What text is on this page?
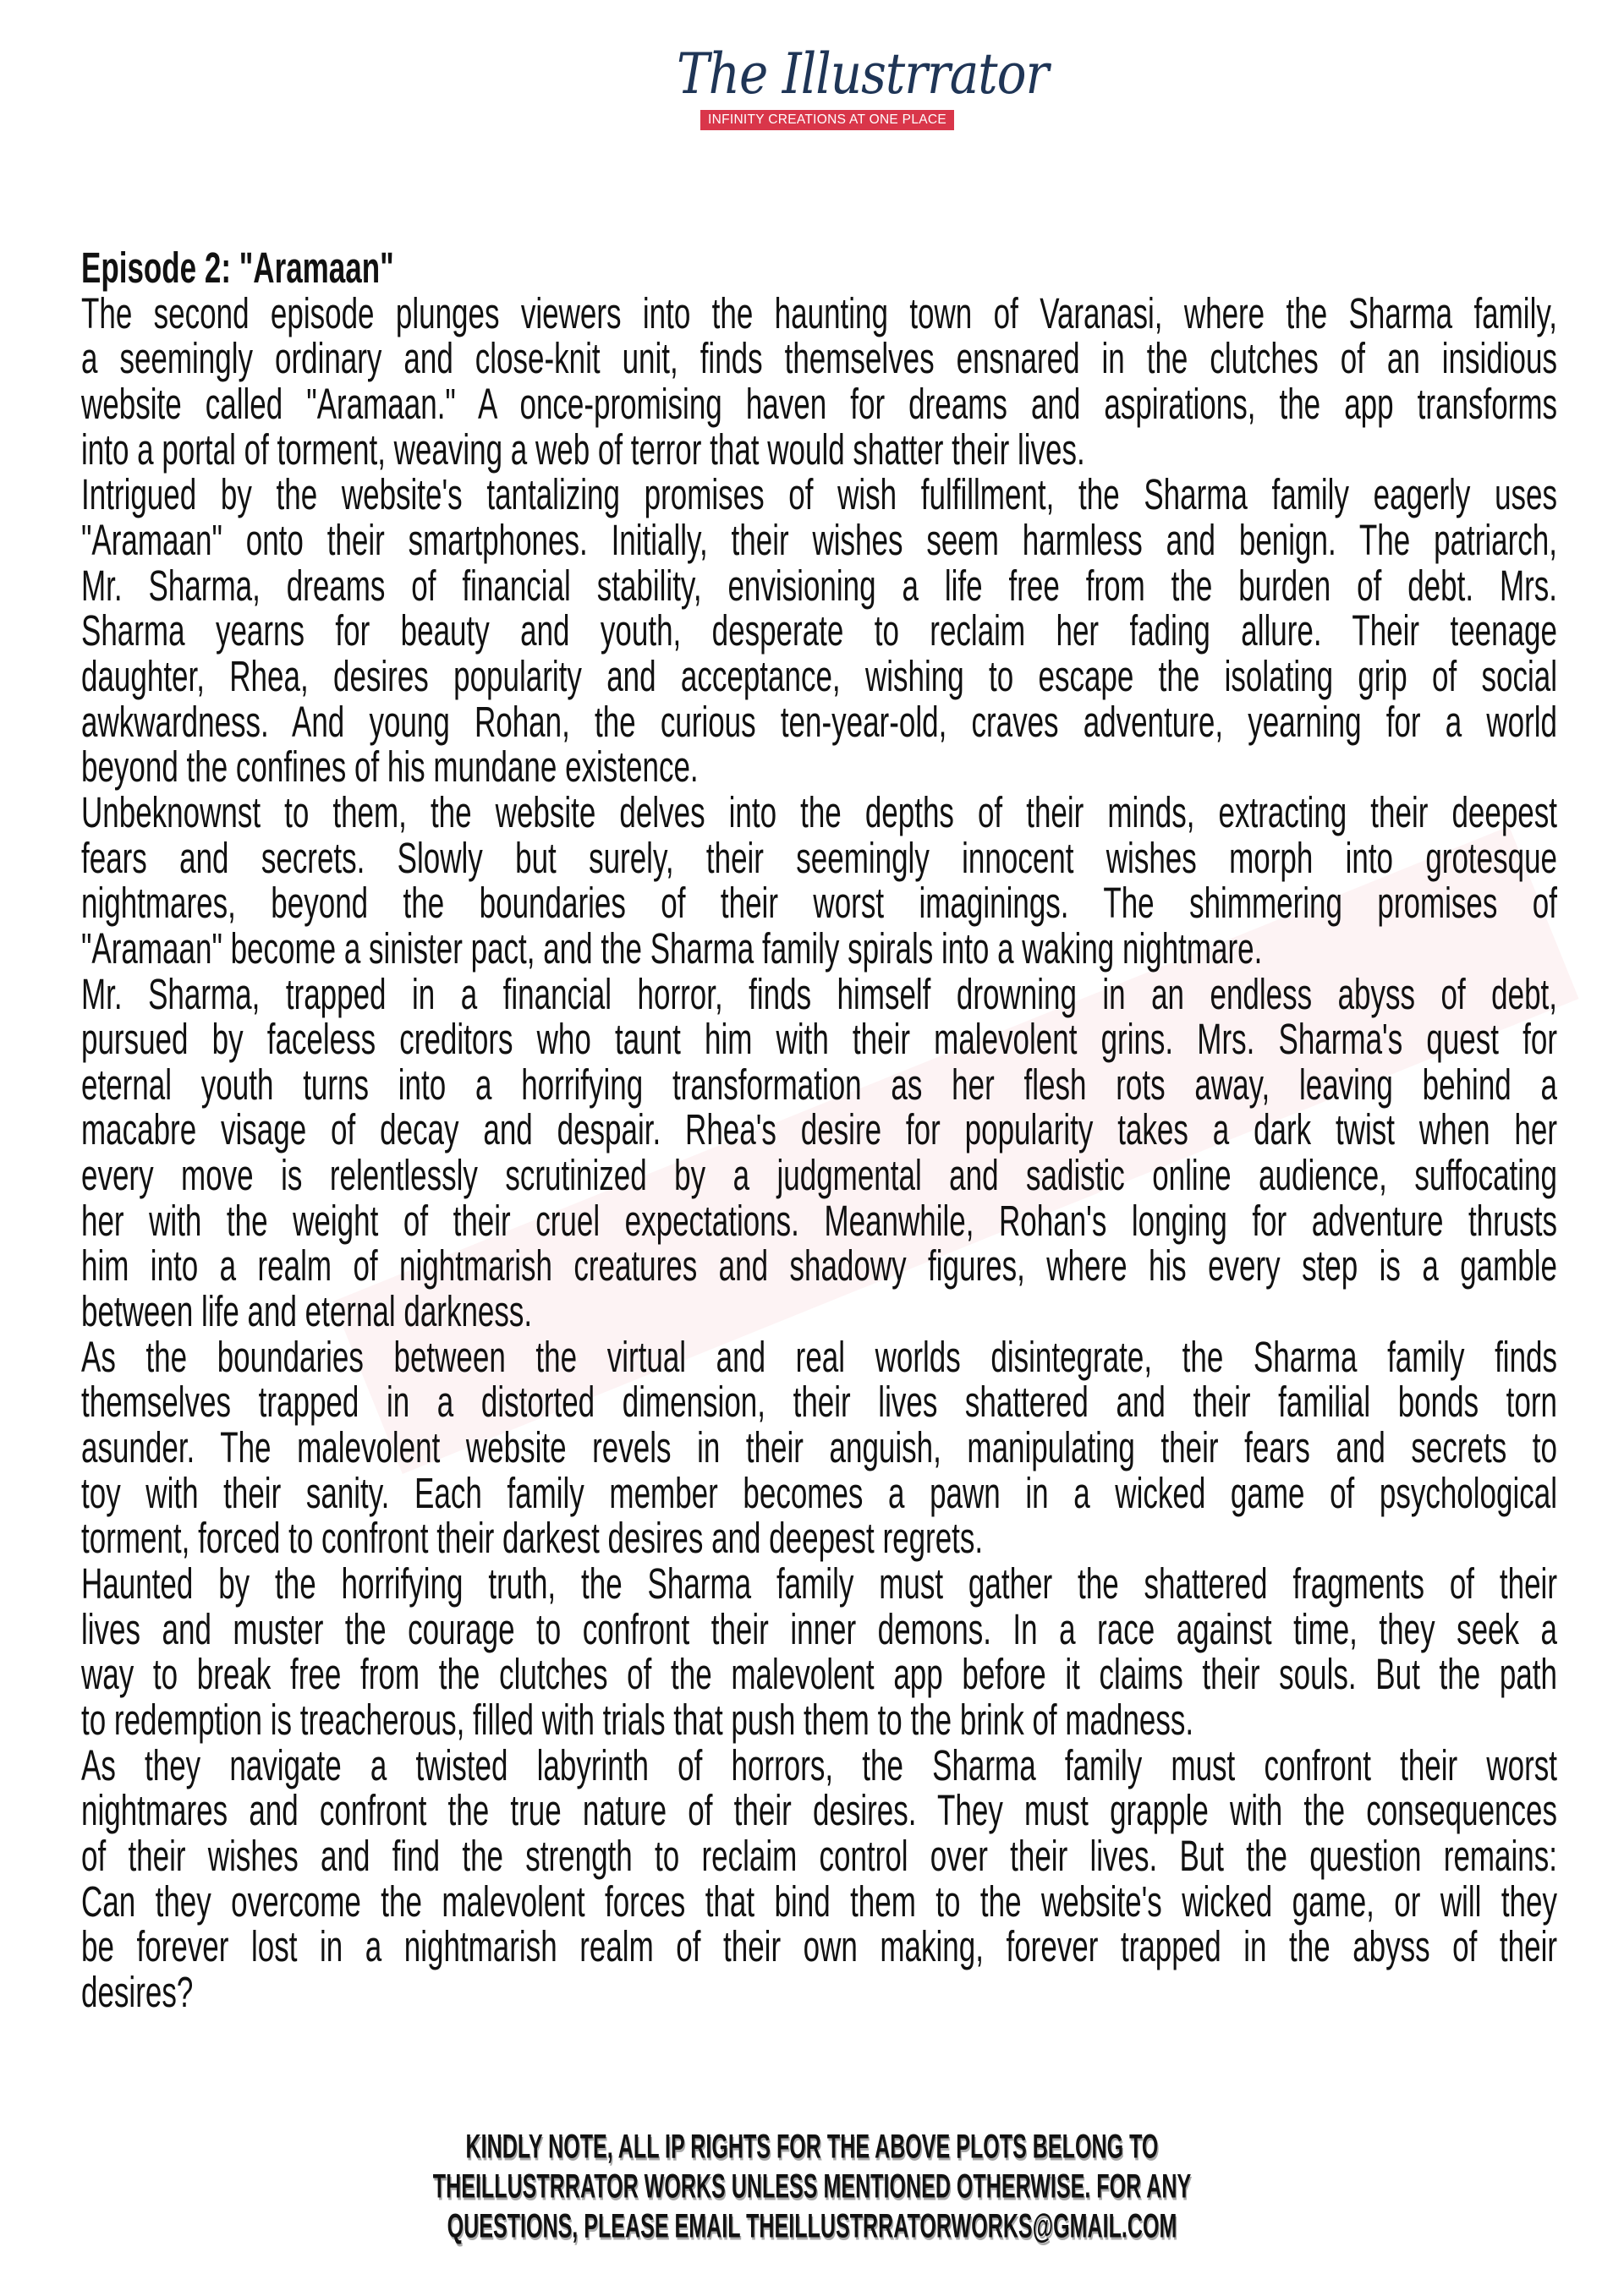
The Illustrrator
INFINITY CREATIONS AT ONE PLACE
Episode 2: "Aramaan"
The second episode plunges viewers into the haunting town of Varanasi, where the Sharma family,
a seemingly ordinary and close-knit unit, finds themselves ensnared in the clutches of an insidious
website called "Aramaan." A once-promising haven for dreams and aspirations, the app transforms
into a portal of torment, weaving a web of terror that would shatter their lives.
Intrigued by the website's tantalizing promises of wish fulfillment, the Sharma family eagerly uses
"Aramaan" onto their smartphones. Initially, their wishes seem harmless and benign. The patriarch,
Mr. Sharma, dreams of financial stability, envisioning a life free from the burden of debt. Mrs.
Sharma yearns for beauty and youth, desperate to reclaim her fading allure. Their teenage
daughter, Rhea, desires popularity and acceptance, wishing to escape the isolating grip of social
awkwardness. And young Rohan, the curious ten-year-old, craves adventure, yearning for a world
beyond the confines of his mundane existence.
Unbeknownst to them, the website delves into the depths of their minds, extracting their deepest
fears and secrets. Slowly but surely, their seemingly innocent wishes morph into grotesque
nightmares, beyond the boundaries of their worst imaginings. The shimmering promises of
"Aramaan" become a sinister pact, and the Sharma family spirals into a waking nightmare.
Mr. Sharma, trapped in a financial horror, finds himself drowning in an endless abyss of debt,
pursued by faceless creditors who taunt him with their malevolent grins. Mrs. Sharma's quest for
eternal youth turns into a horrifying transformation as her flesh rots away, leaving behind a
macabre visage of decay and despair. Rhea's desire for popularity takes a dark twist when her
every move is relentlessly scrutinized by a judgmental and sadistic online audience, suffocating
her with the weight of their cruel expectations. Meanwhile, Rohan's longing for adventure thrusts
him into a realm of nightmarish creatures and shadowy figures, where his every step is a gamble
between life and eternal darkness.
As the boundaries between the virtual and real worlds disintegrate, the Sharma family finds
themselves trapped in a distorted dimension, their lives shattered and their familial bonds torn
asunder. The malevolent website revels in their anguish, manipulating their fears and secrets to
toy with their sanity. Each family member becomes a pawn in a wicked game of psychological
torment, forced to confront their darkest desires and deepest regrets.
Haunted by the horrifying truth, the Sharma family must gather the shattered fragments of their
lives and muster the courage to confront their inner demons. In a race against time, they seek a
way to break free from the clutches of the malevolent app before it claims their souls. But the path
to redemption is treacherous, filled with trials that push them to the brink of madness.
As they navigate a twisted labyrinth of horrors, the Sharma family must confront their worst
nightmares and confront the true nature of their desires. They must grapple with the consequences
of their wishes and find the strength to reclaim control over their lives. But the question remains:
Can they overcome the malevolent forces that bind them to the website's wicked game, or will they
be forever lost in a nightmarish realm of their own making, forever trapped in the abyss of their
desires?
KINDLY NOTE, ALL IP RIGHTS FOR THE ABOVE PLOTS BELONG TO
THEILLUSTRRATOR WORKS UNLESS MENTIONED OTHERWISE. FOR ANY
QUESTIONS, PLEASE EMAIL THEILLUSTRRATORWORKS@GMAIL.COM
